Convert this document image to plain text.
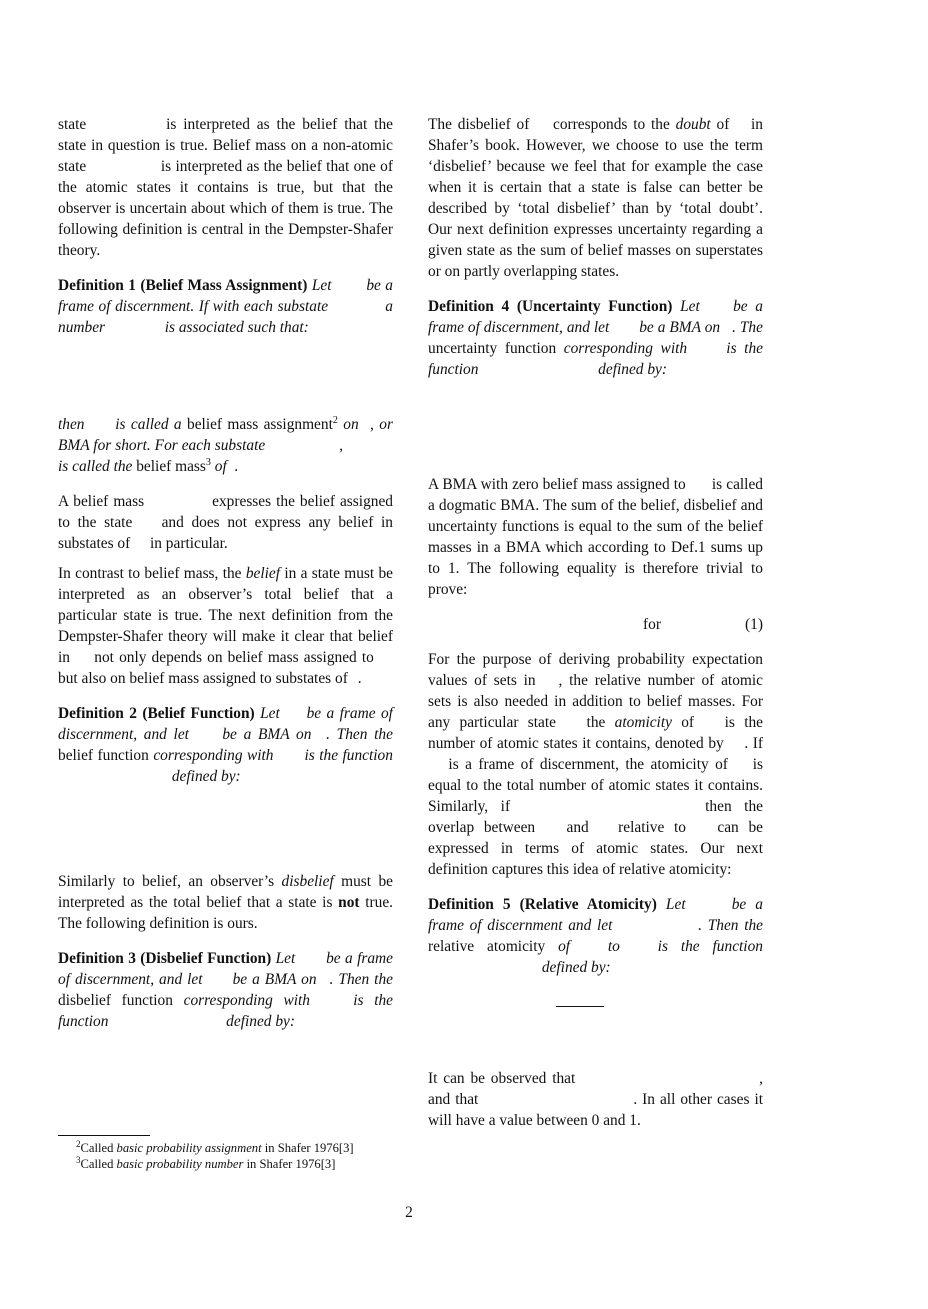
state	is interpreted as the belief that the state in question is true. Belief mass on a non-atomic state	is interpreted as the belief that one of the atomic states it contains is true, but that the observer is uncertain about which of them is true. The following definition is central in the Dempster-Shafer theory.

Definition 1 (Belief Mass Assignment) Let be a frame of discernment. If with each substate	a number	is associated such that:
then is called a belief mass assignment$^2$ on , or BMA for short. For each substate	,  is called the belief mass$^3$ of .

A belief mass	expresses the belief assigned to the state and does not express any belief in substates of in particular.

In contrast to belief mass, the belief in a state must be interpreted as an observer’s total belief that a particular state is true. The next definition from the Dempster-Shafer theory will make it clear that belief in not only depends on belief mass assigned to  but also on belief mass assigned to substates of .

Definition 2 (Belief Function) Let be a frame of discernment, and let be a BMA on . Then the belief function corresponding with is the function  defined by:

Similarly to belief, an observer’s disbelief must be interpreted as the total belief that a state is not true. The following definition is ours.

Definition 3 (Disbelief Function) Let be a frame of discernment, and let be a BMA on . Then the disbelief function corresponding with	is the function	defined by:

$^2$Called basic probability assignment in Shafer 1976[3]
$^3$Called basic probability number in Shafer 1976[3]

The disbelief of corresponds to the doubt of in Shafer’s book. However, we choose to use the term ‘disbelief’ because we feel that for example the case when it is certain that a state is false can better be described by ‘total disbelief’ than by ‘total doubt’. Our next definition expresses uncertainty regarding a given state as the sum of belief masses on superstates or on partly overlapping states.

Definition 4 (Uncertainty Function) Let be a frame of discernment, and let be a BMA on . The uncertainty function corresponding with	is the function	defined by:

A BMA with zero belief mass assigned to is called a dogmatic BMA. The sum of the belief, disbelief and uncertainty functions is equal to the sum of the belief masses in a BMA which according to Def.1 sums up to 1. The following equality is therefore trivial to prove:

for	(1)

For the purpose of deriving probability expectation values of sets in , the relative number of atomic sets is also needed in addition to belief masses. For any particular state the atomicity of is the number of atomic states it contains, denoted by . If  is a frame of discernment, the atomicity of is equal to the total number of atomic states it contains. Similarly, if	then the overlap between and relative to can be expressed in terms of atomic states. Our next definition captures this idea of relative atomicity:

Definition 5 (Relative Atomicity) Let	be a frame of discernment and let	. Then the relative atomicity of to is the function  defined by:

It can be observed that	, and that	. In all other cases it will have a value between 0 and 1.

2
